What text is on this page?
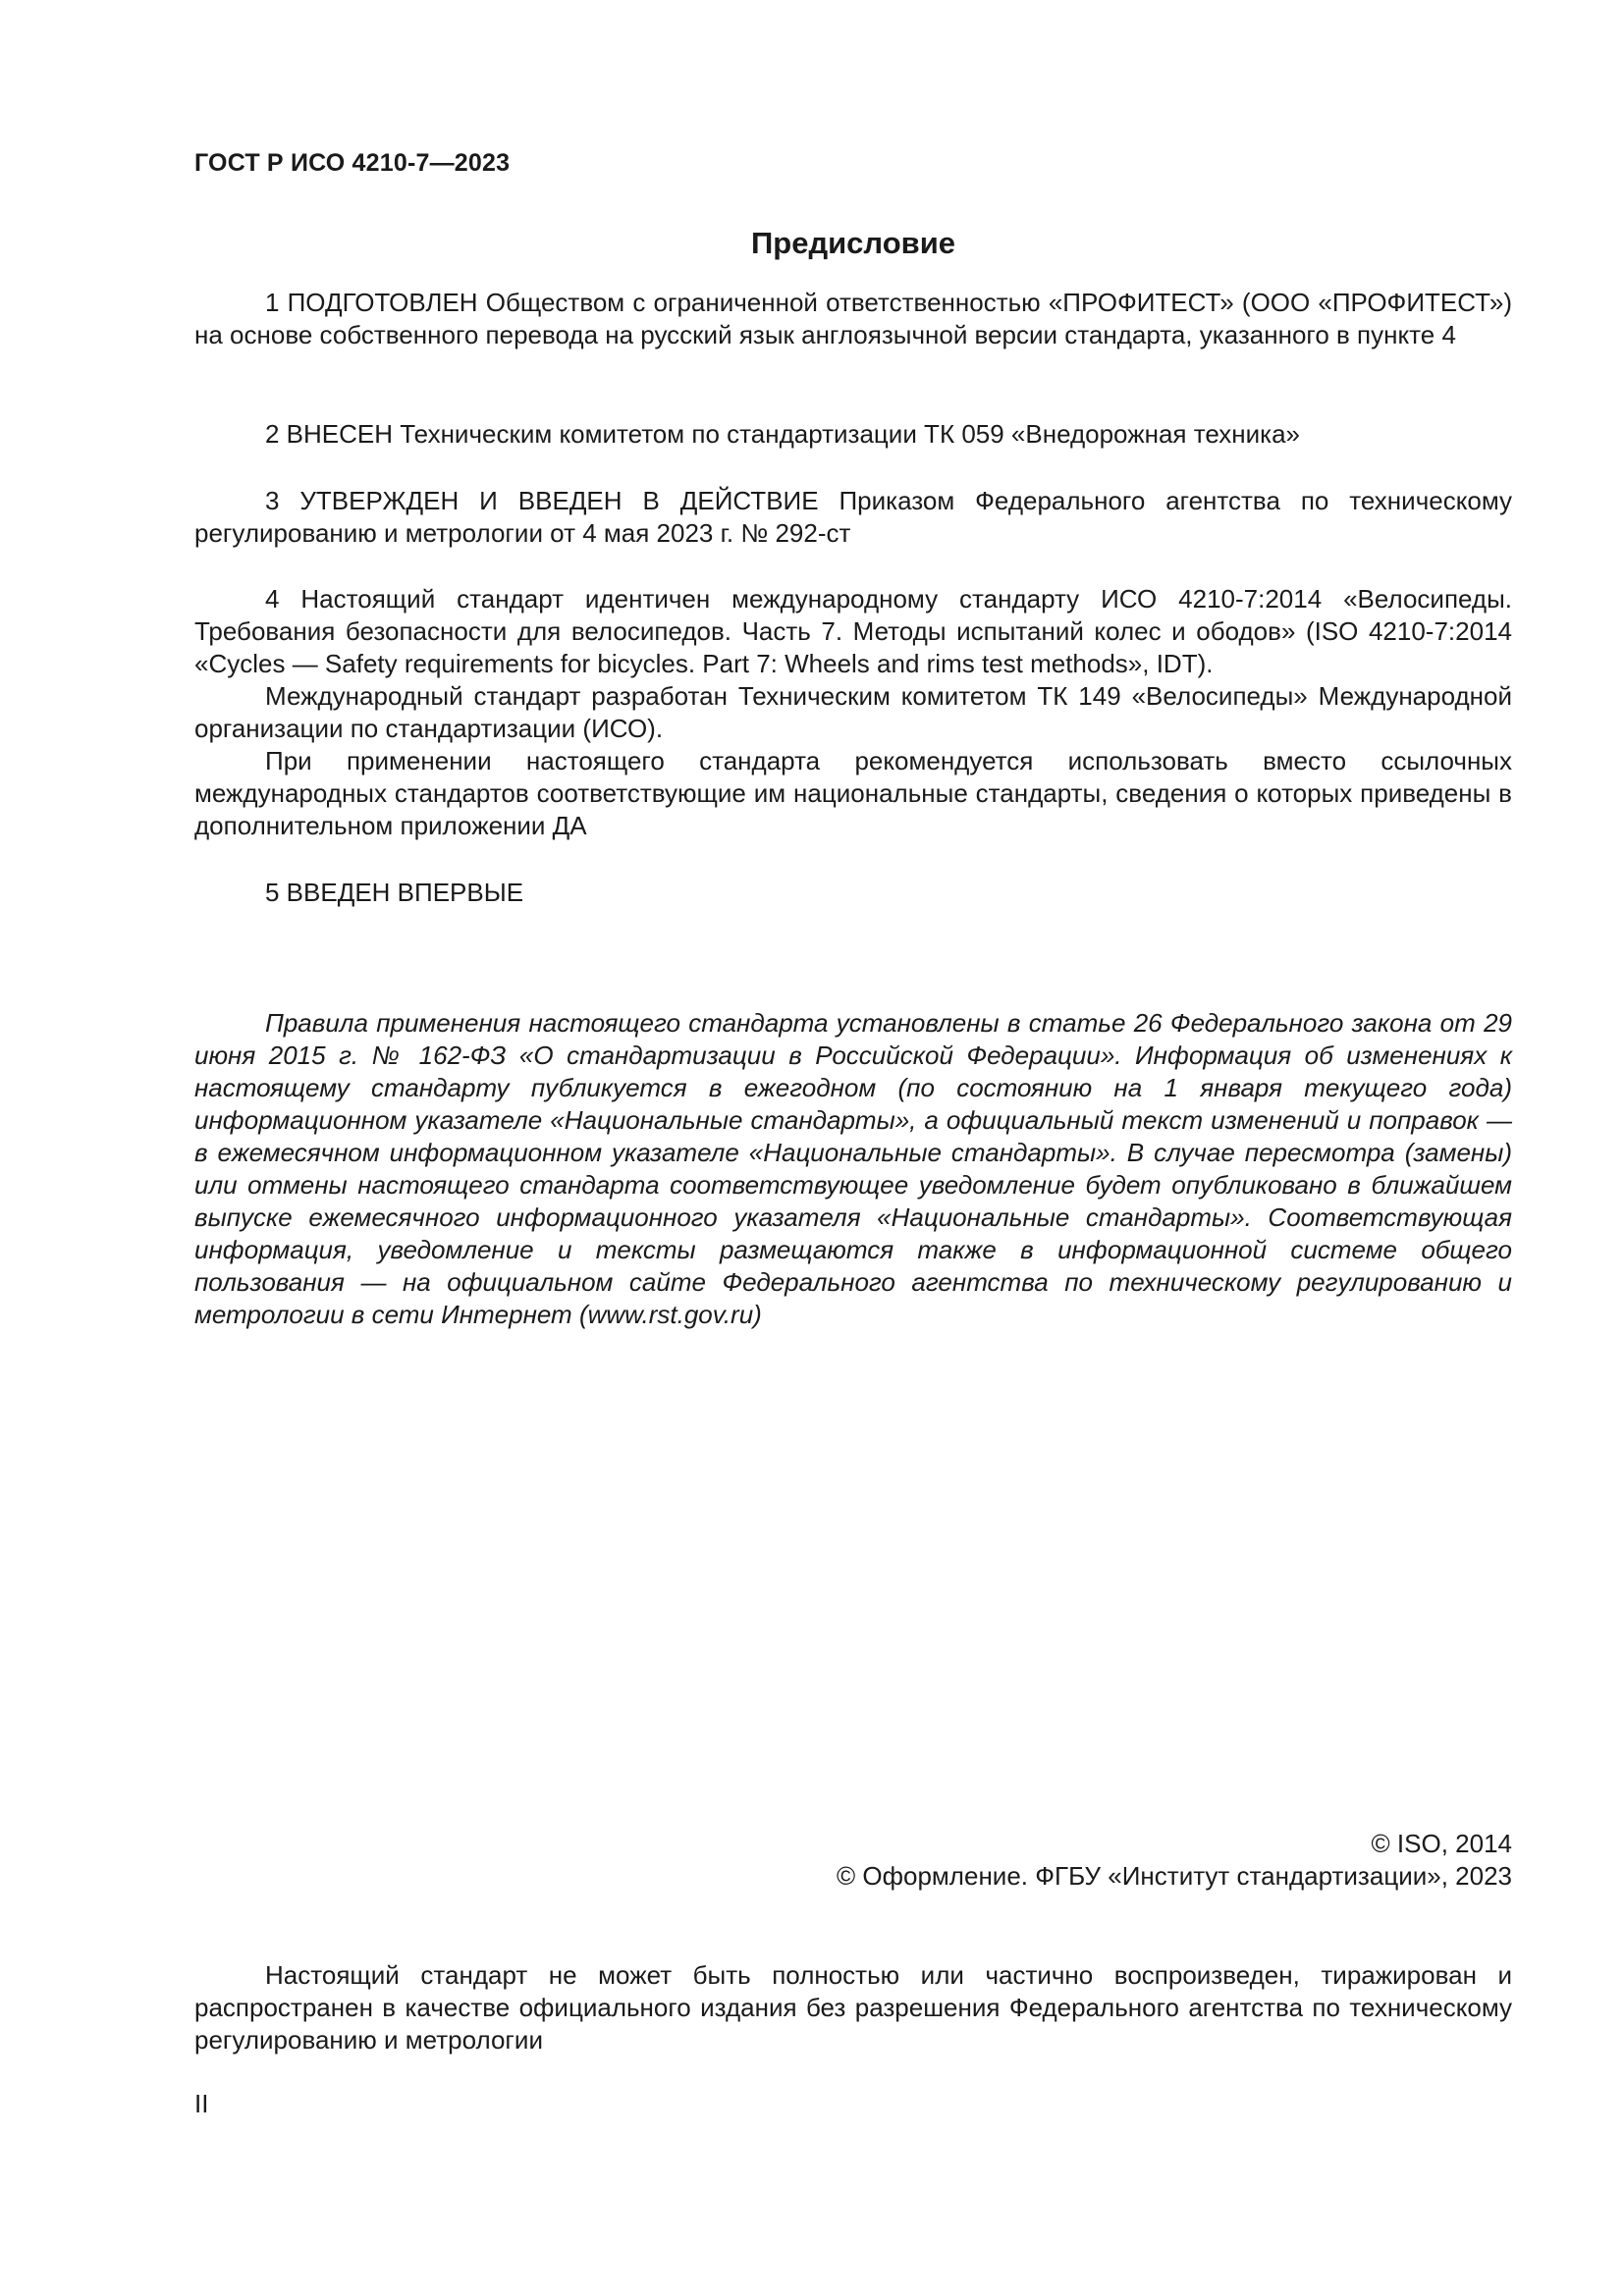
ГОСТ Р ИСО 4210-7—2023
Предисловие

1 ПОДГОТОВЛЕН Обществом с ограниченной ответственностью «ПРОФИТЕСТ» (ООО «ПРОФИТЕСТ») на основе собственного перевода на русский язык англоязычной версии стандарта, указанного в пункте 4

2 ВНЕСЕН Техническим комитетом по стандартизации ТК 059 «Внедорожная техника»

3 УТВЕРЖДЕН И ВВЕДЕН В ДЕЙСТВИЕ Приказом Федерального агентства по техническому регулированию и метрологии от 4 мая 2023 г. № 292-ст

4 Настоящий стандарт идентичен международному стандарту ИСО 4210-7:2014 «Велосипеды. Требования безопасности для велосипедов. Часть 7. Методы испытаний колес и ободов» (ISO 4210-7:2014 «Cycles — Safety requirements for bicycles. Part 7: Wheels and rims test methods», IDT).

Международный стандарт разработан Техническим комитетом ТК 149 «Велосипеды» Международной организации по стандартизации (ИСО).

При применении настоящего стандарта рекомендуется использовать вместо ссылочных международных стандартов соответствующие им национальные стандарты, сведения о которых приведены в дополнительном приложении ДА

5 ВВЕДЕН ВПЕРВЫЕ

Правила применения настоящего стандарта установлены в статье 26 Федерального закона от 29 июня 2015 г. № 162-ФЗ «О стандартизации в Российской Федерации». Информация об изменениях к настоящему стандарту публикуется в ежегодном (по состоянию на 1 января текущего года) информационном указателе «Национальные стандарты», а официальный текст изменений и поправок — в ежемесячном информационном указателе «Национальные стандарты». В случае пересмотра (замены) или отмены настоящего стандарта соответствующее уведомление будет опубликовано в ближайшем выпуске ежемесячного информационного указателя «Национальные стандарты». Соответствующая информация, уведомление и тексты размещаются также в информационной системе общего пользования — на официальном сайте Федерального агентства по техническому регулированию и метрологии в сети Интернет (www.rst.gov.ru)

© ISO, 2014
© Оформление. ФГБУ «Институт стандартизации», 2023

Настоящий стандарт не может быть полностью или частично воспроизведен, тиражирован и распространен в качестве официального издания без разрешения Федерального агентства по техническому регулированию и метрологии

II
